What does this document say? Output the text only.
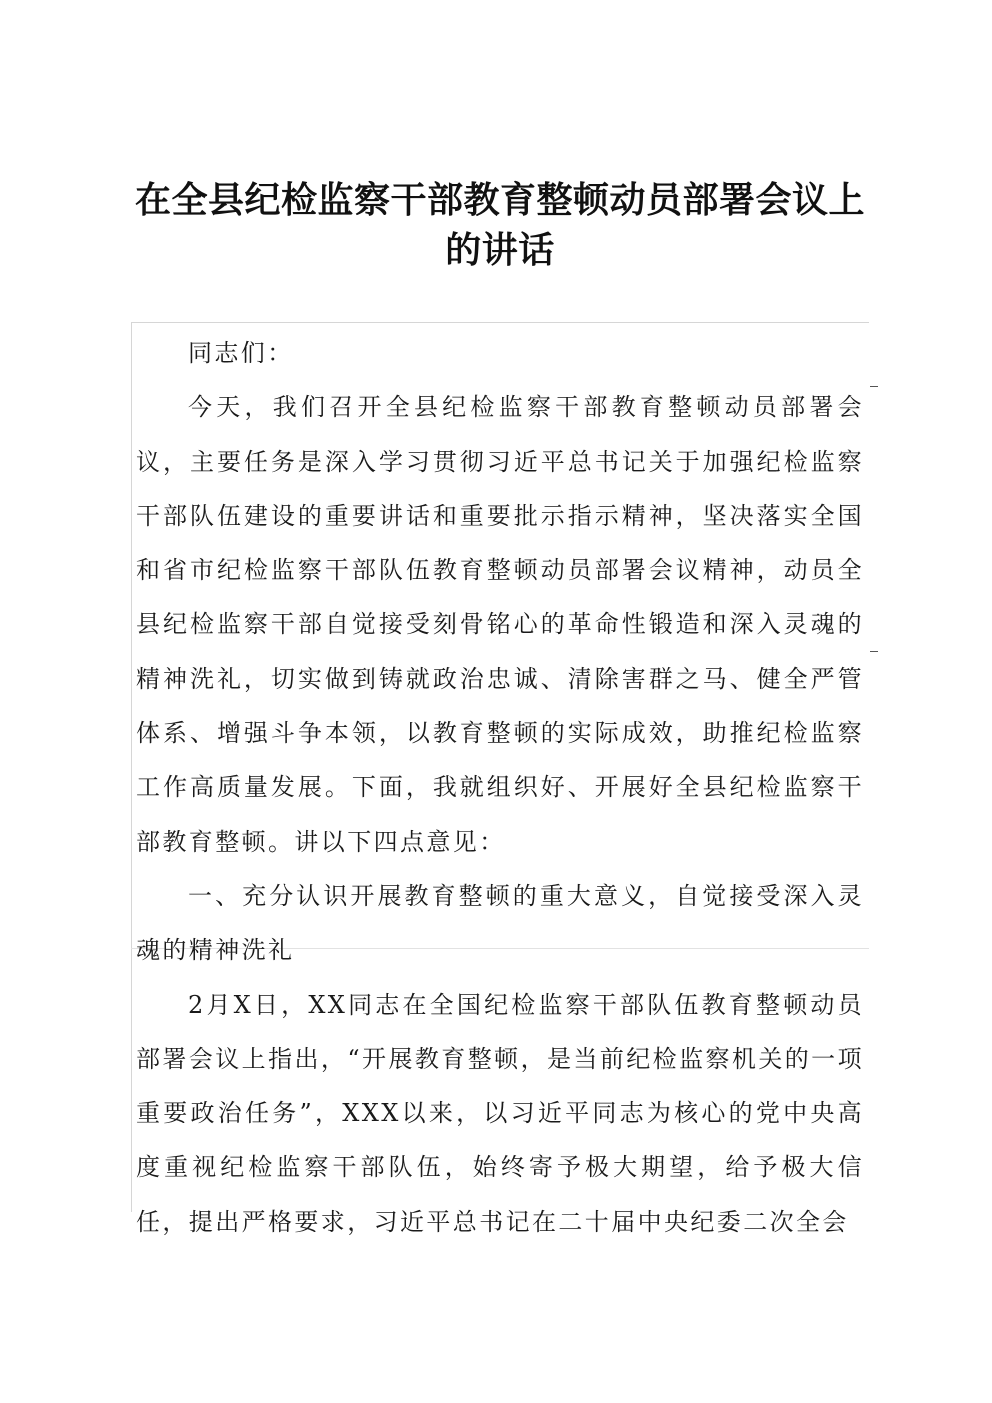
在全县纪检监察干部教育整顿动员部署会议上
的讲话

同志们：

今天，我们召开全县纪检监察干部教育整顿动员部署会议，主要任务是深入学习贯彻习近平总书记关于加强纪检监察干部队伍建设的重要讲话和重要批示指示精神，坚决落实全国和省市纪检监察干部队伍教育整顿动员部署会议精神，动员全县纪检监察干部自觉接受刻骨铭心的革命性锻造和深入灵魂的精神洗礼，切实做到铸就政治忠诚、清除害群之马、健全严管体系、增强斗争本领，以教育整顿的实际成效，助推纪检监察工作高质量发展。下面，我就组织好、开展好全县纪检监察干部教育整顿。讲以下四点意见：

一、充分认识开展教育整顿的重大意义，自觉接受深入灵魂的精神洗礼

2月X日，XX同志在全国纪检监察干部队伍教育整顿动员部署会议上指出，“开展教育整顿，是当前纪检监察机关的一项重要政治任务”，XXX以来，以习近平同志为核心的党中央高度重视纪检监察干部队伍，始终寄予极大期望，给予极大信任，提出严格要求，习近平总书记在二十届中央纪委二次全会
